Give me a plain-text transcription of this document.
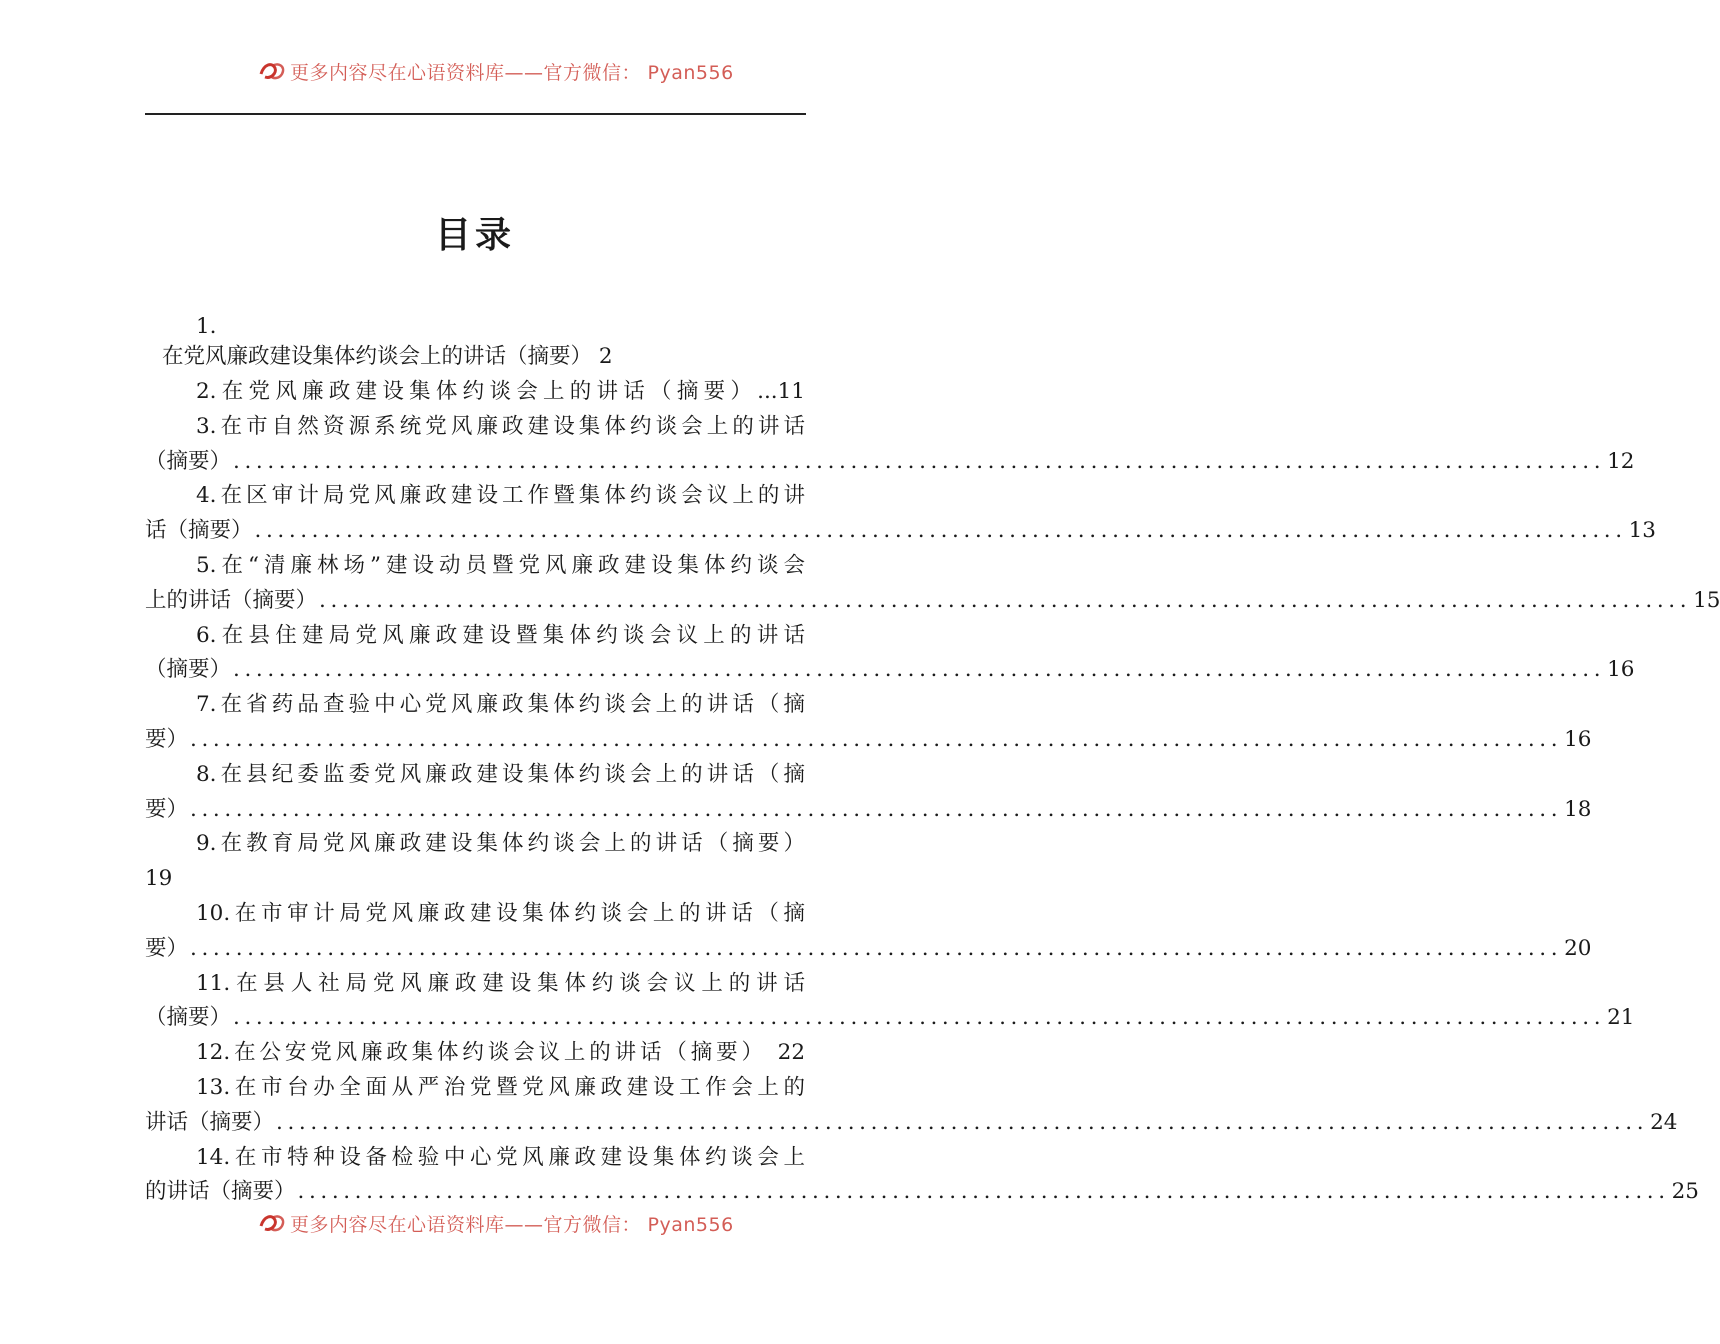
更多内容尽在心语资料库——官方微信： Pyan556
目录
1.
在党风廉政建设集体约谈会上的讲话（摘要） 2
2.在党风廉政建设集体约谈会上的讲话（摘要）...11
3.在市自然资源系统党风廉政建设集体约谈会上的讲话
（摘要） ........................................................................................................................ 12
4.在区审计局党风廉政建设工作暨集体约谈会议上的讲
话（摘要） ........................................................................................................................ 13
5.在“清廉林场”建设动员暨党风廉政建设集体约谈会
上的讲话（摘要） ........................................................................................................................ 15
6.在县住建局党风廉政建设暨集体约谈会议上的讲话
（摘要） ........................................................................................................................ 16
7.在省药品查验中心党风廉政集体约谈会上的讲话（摘
要） ........................................................................................................................ 16
8.在县纪委监委党风廉政建设集体约谈会上的讲话（摘
要） ........................................................................................................................ 18
9.在教育局党风廉政建设集体约谈会上的讲话（摘要）
19
10.在市审计局党风廉政建设集体约谈会上的讲话（摘
要） ........................................................................................................................ 20
11.在县人社局党风廉政建设集体约谈会议上的讲话
（摘要） ........................................................................................................................ 21
12.在公安党风廉政集体约谈会议上的讲话（摘要） 22
13.在市台办全面从严治党暨党风廉政建设工作会上的
讲话（摘要） ........................................................................................................................ 24
14.在市特种设备检验中心党风廉政建设集体约谈会上
的讲话（摘要） ........................................................................................................................ 25
更多内容尽在心语资料库——官方微信： Pyan556
